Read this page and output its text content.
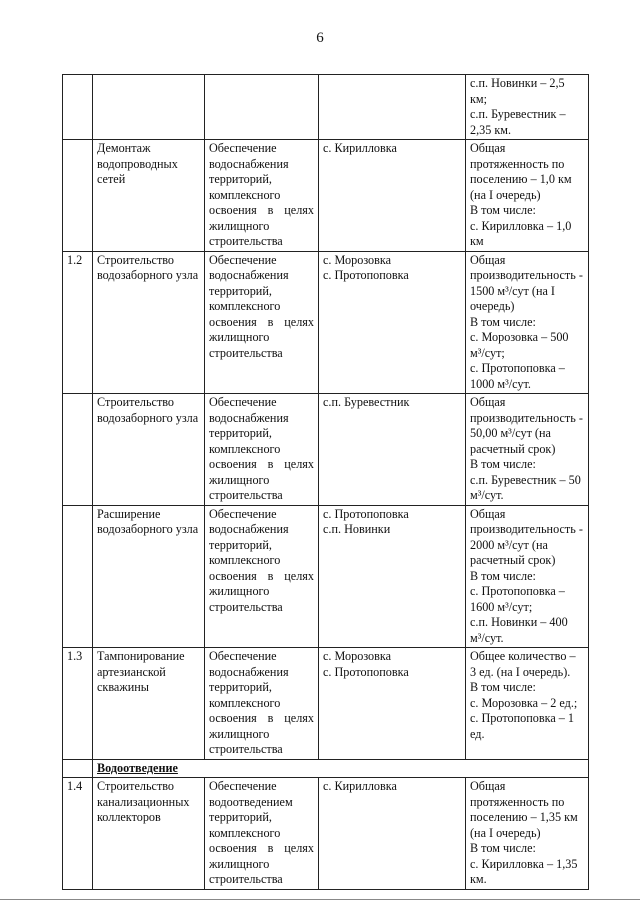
6
				с.п. Новинки – 2,5
км;
с.п. Буревестник –
2,35 км.
	Демонтаж водопроводных сетей	Обеспечение водоснабжения территорий, комплексного освоения в целях жилищного строительства	с. Кирилловка	Общая протяженность по поселению – 1,0 км (на I очередь)
В том числе:
с. Кирилловка – 1,0 км
1.2	Строительство водозаборного узла	Обеспечение водоснабжения территорий, комплексного освоения в целях жилищного строительства	с. Морозовка
с. Протопоповка	Общая производительность - 1500 м³/сут (на I очередь)
В том числе:
с. Морозовка – 500 м³/сут;
с. Протопоповка – 1000 м³/сут.
	Строительство водозаборного узла	Обеспечение водоснабжения территорий, комплексного освоения в целях жилищного строительства	с.п. Буревестник	Общая производительность - 50,00 м³/сут (на расчетный срок)
В том числе:
с.п. Буревестник – 50 м³/сут.
	Расширение водозаборного узла	Обеспечение водоснабжения территорий, комплексного освоения в целях жилищного строительства	с. Протопоповка
с.п. Новинки	Общая производительность - 2000 м³/сут (на расчетный срок)
В том числе:
с. Протопоповка – 1600 м³/сут;
с.п. Новинки – 400 м³/сут.
1.3	Тампонирование артезианской скважины	Обеспечение водоснабжения территорий, комплексного освоения в целях жилищного строительства	с. Морозовка
с. Протопоповка	Общее количество – 3 ед. (на I очередь).
В том числе:
с. Морозовка – 2 ед.;
с. Протопоповка – 1 ед.
	Водоотведение			
1.4	Строительство канализационных коллекторов	Обеспечение водоотведением территорий, комплексного освоения в целях жилищного строительства	с. Кирилловка	Общая протяженность по поселению – 1,35 км (на I очередь)
В том числе:
с. Кирилловка – 1,35 км.
